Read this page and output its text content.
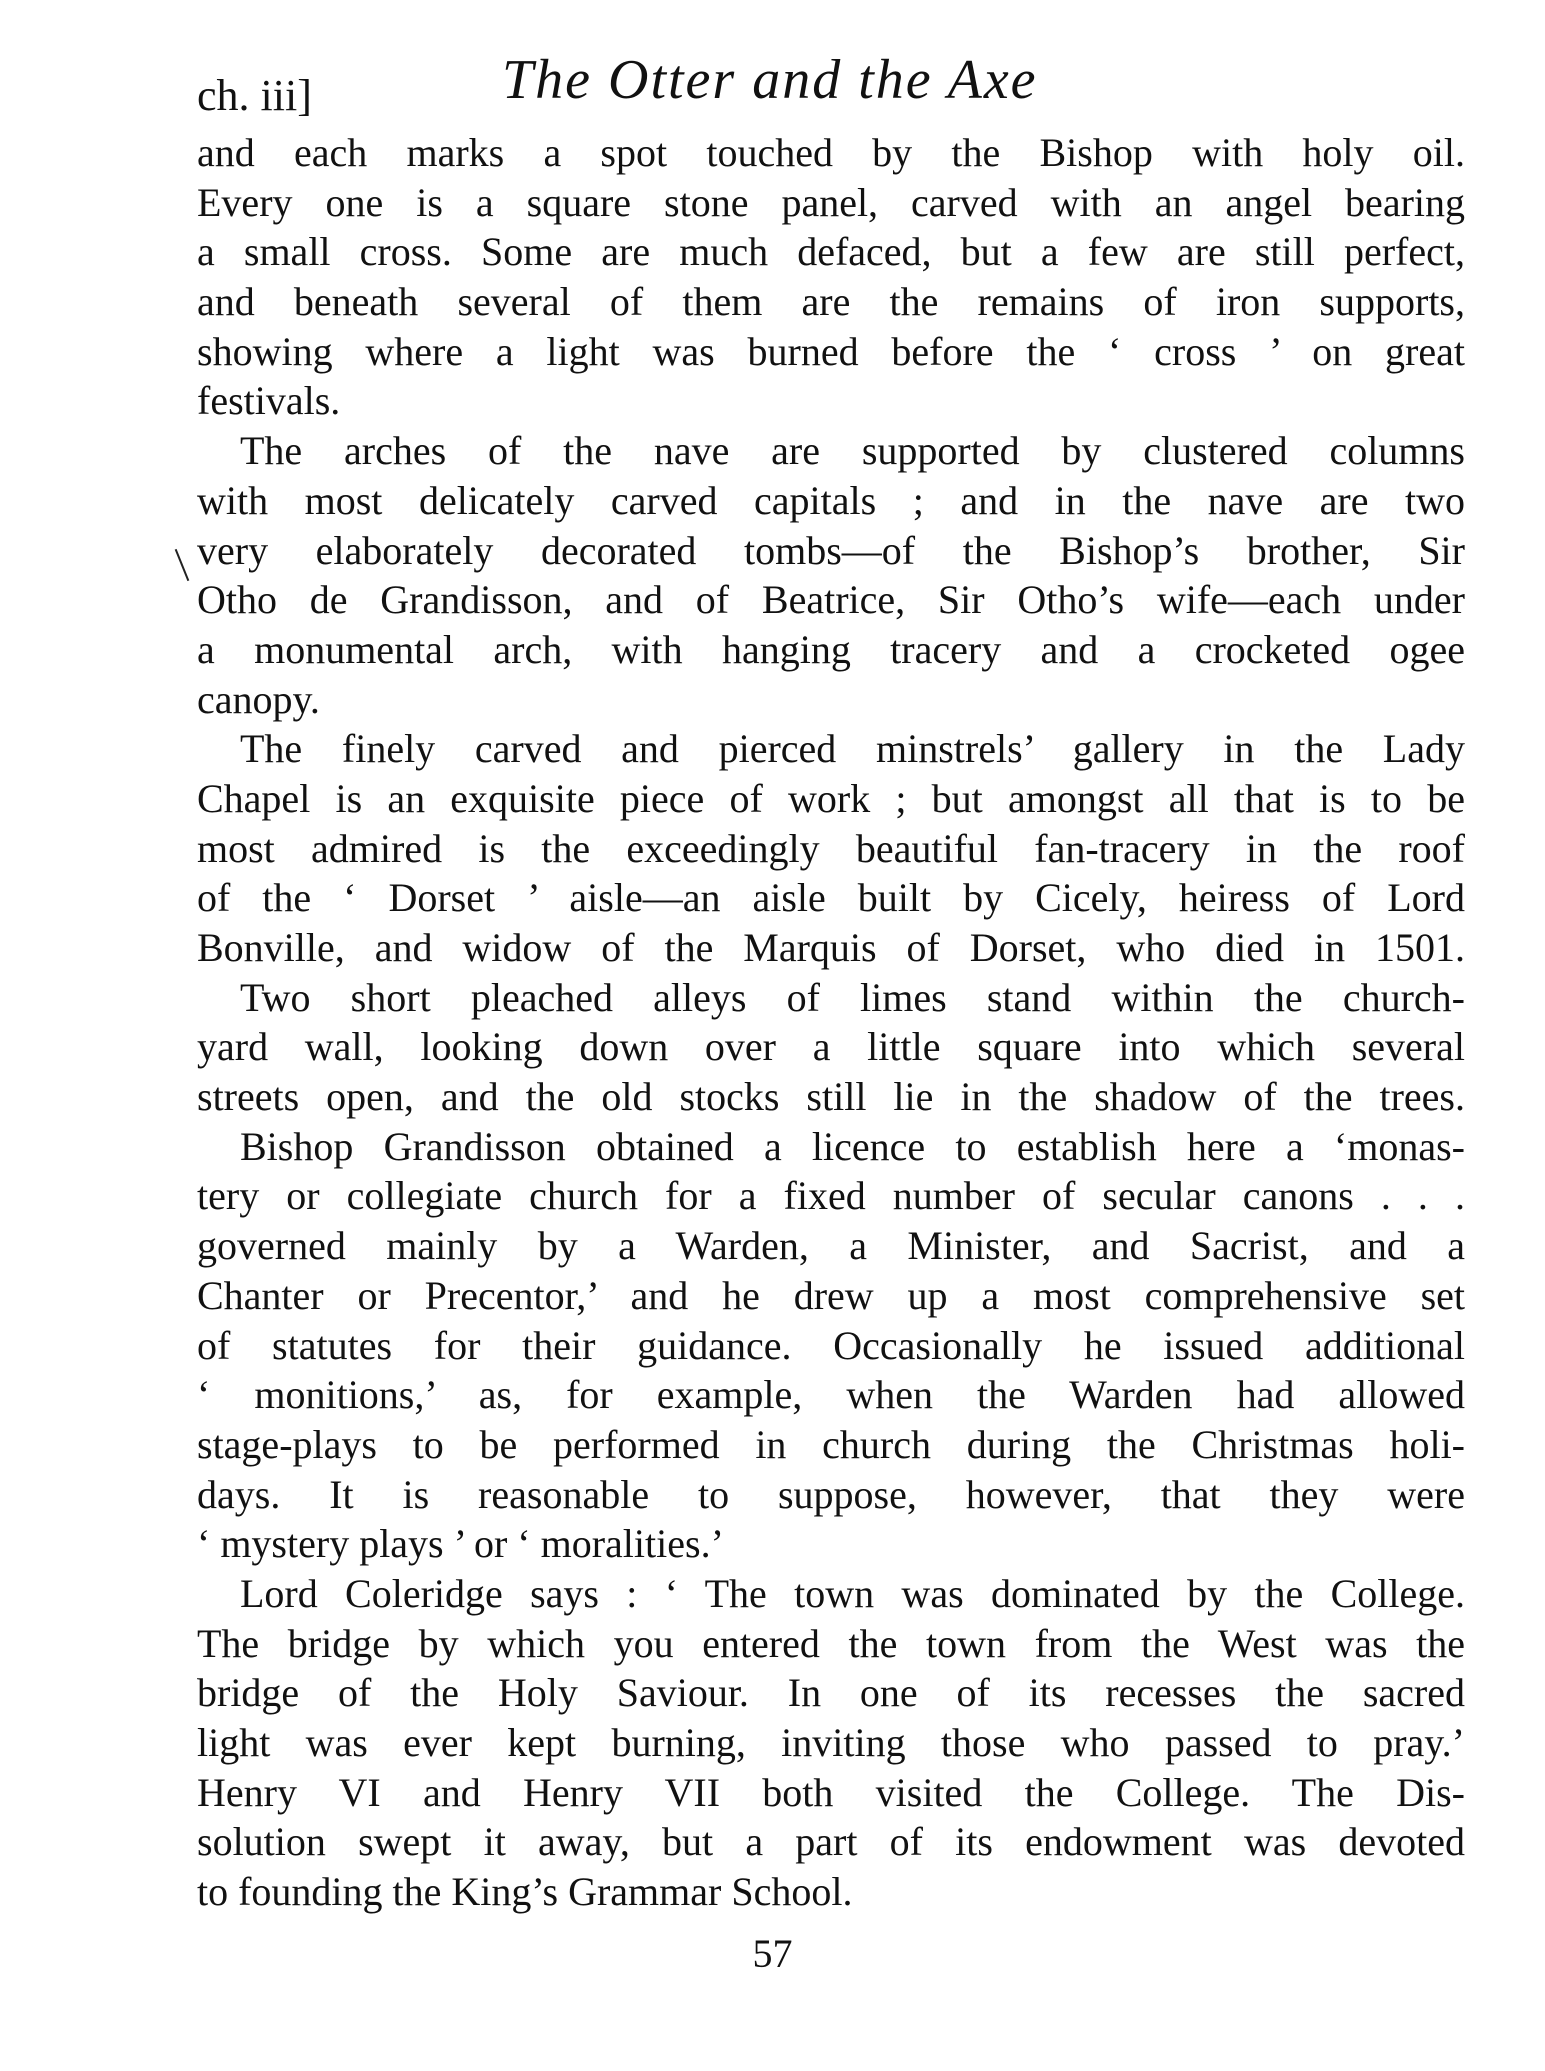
ch. iii]	The Otter and the Axe
and each marks a spot touched by the Bishop with holy oil.
Every one is a square stone panel, carved with an angel bearing
a small cross. Some are much defaced, but a few are still perfect,
and beneath several of them are the remains of iron supports,
showing where a light was burned before the ‘ cross ’ on great
festivals.
The arches of the nave are supported by clustered columns
with most delicately carved capitals ; and in the nave are two
very elaborately decorated tombs—of the Bishop’s brother, Sir
Otho de Grandisson, and of Beatrice, Sir Otho’s wife—each under
a monumental arch, with hanging tracery and a crocketed ogee
canopy.
The finely carved and pierced minstrels’ gallery in the Lady
Chapel is an exquisite piece of work ; but amongst all that is to be
most admired is the exceedingly beautiful fan-tracery in the roof
of the ‘ Dorset ’ aisle—an aisle built by Cicely, heiress of Lord
Bonville, and widow of the Marquis of Dorset, who died in 1501.
Two short pleached alleys of limes stand within the church-
yard wall, looking down over a little square into which several
streets open, and the old stocks still lie in the shadow of the trees.
Bishop Grandisson obtained a licence to establish here a ‘monas-
tery or collegiate church for a fixed number of secular canons . . .
governed mainly by a Warden, a Minister, and Sacrist, and a
Chanter or Precentor,’ and he drew up a most comprehensive set
of statutes for their guidance. Occasionally he issued additional
‘ monitions,’ as, for example, when the Warden had allowed
stage-plays to be performed in church during the Christmas holi-
days. It is reasonable to suppose, however, that they were
‘ mystery plays ’ or ‘ moralities.’
Lord Coleridge says : ‘ The town was dominated by the College.
The bridge by which you entered the town from the West was the
bridge of the Holy Saviour. In one of its recesses the sacred
light was ever kept burning, inviting those who passed to pray.’
Henry VI and Henry VII both visited the College. The Dis-
solution swept it away, but a part of its endowment was devoted
to founding the King’s Grammar School.
57
